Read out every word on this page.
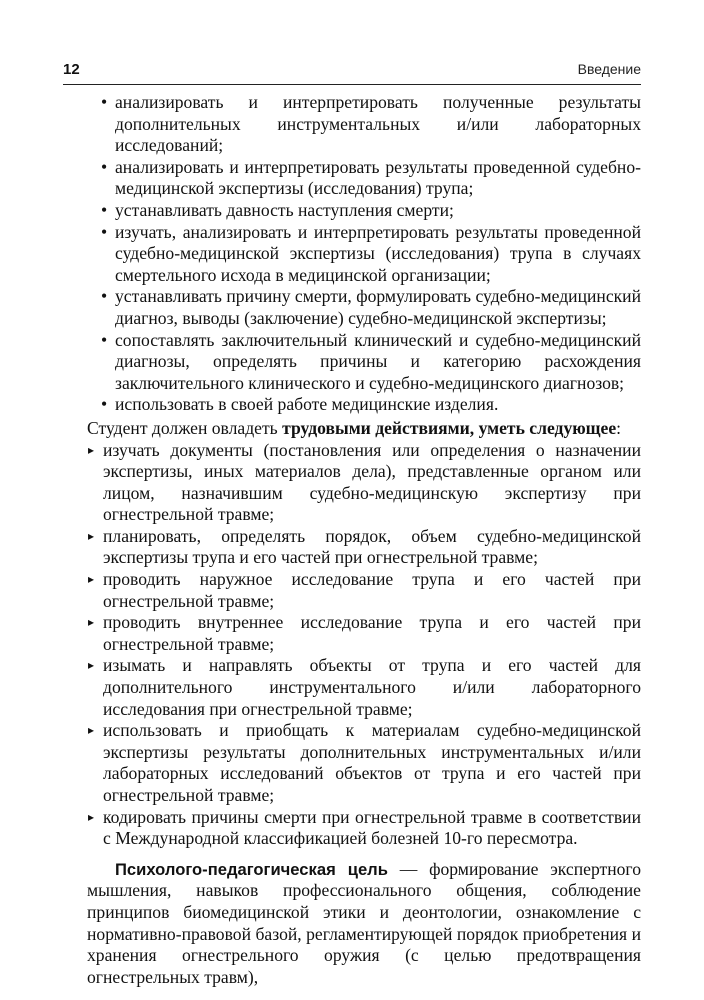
12	Введение
• анализировать и интерпретировать полученные результаты дополнительных инструментальных и/или лабораторных исследований;
• анализировать и интерпретировать результаты проведенной судебно-медицинской экспертизы (исследования) трупа;
• устанавливать давность наступления смерти;
• изучать, анализировать и интерпретировать результаты проведенной судебно-медицинской экспертизы (исследования) трупа в случаях смертельного исхода в медицинской организации;
• устанавливать причину смерти, формулировать судебно-медицинский диагноз, выводы (заключение) судебно-медицинской экспертизы;
• сопоставлять заключительный клинический и судебно-медицинский диагнозы, определять причины и категорию расхождения заключительного клинического и судебно-медицинского диагнозов;
• использовать в своей работе медицинские изделия.

Студент должен овладеть трудовыми действиями, уметь следующее:

▸ изучать документы (постановления или определения о назначении экспертизы, иных материалов дела), представленные органом или лицом, назначившим судебно-медицинскую экспертизу при огнестрельной травме;
▸ планировать, определять порядок, объем судебно-медицинской экспертизы трупа и его частей при огнестрельной травме;
▸ проводить наружное исследование трупа и его частей при огнестрельной травме;
▸ проводить внутреннее исследование трупа и его частей при огнестрельной травме;
▸ изымать и направлять объекты от трупа и его частей для дополнительного инструментального и/или лабораторного исследования при огнестрельной травме;
▸ использовать и приобщать к материалам судебно-медицинской экспертизы результаты дополнительных инструментальных и/или лабораторных исследований объектов от трупа и его частей при огнестрельной травме;
▸ кодировать причины смерти при огнестрельной травме в соответствии с Международной классификацией болезней 10-го пересмотра.

Психолого-педагогическая цель — формирование экспертного мышления, навыков профессионального общения, соблюдение принципов биомедицинской этики и деонтологии, ознакомление с нормативно-правовой базой, регламентирующей порядок приобретения и хранения огнестрельного оружия (с целью предотвращения огнестрельных травм),
